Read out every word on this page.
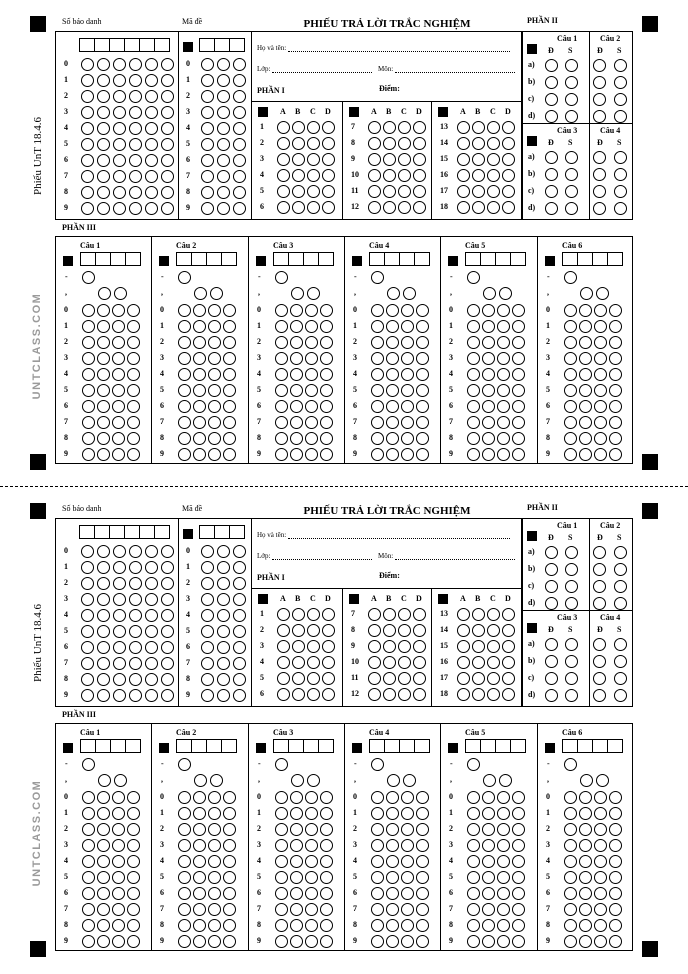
Phiếu UnT 18.4.6
UNTCLASS.COM
Số báo danh	Mã đề	PHIẾU TRẢ LỜI TRẮC NGHIỆM	PHẦN II
0	0
1	1
2	2
3	3
4	4
5	5
6	6
7	7
8	8
9	9
Họ và tên:
Lớp:	Môn:
PHẦN I	Điểm:
A B C D
1
2
3
4
5
6
A B C D
7
8
9
10
11
12
A B C D
13
14
15
16
17
18
Câu 1	Câu 2
Đ S	Đ S
a)
b)
c)
d)
Câu 3	Câu 4
Đ S	Đ S
a)
b)
c)
d)
PHẦN III
Câu 1
-
,
0
1
2
3
4
5
6
7
8
9
Câu 2
-
,
0
1
2
3
4
5
6
7
8
9
Câu 3
-
,
0
1
2
3
4
5
6
7
8
9
Câu 4
-
,
0
1
2
3
4
5
6
7
8
9
Câu 5
-
,
0
1
2
3
4
5
6
7
8
9
Câu 6
-
,
0
1
2
3
4
5
6
7
8
9
Phiếu UnT 18.4.6
UNTCLASS.COM
Số báo danh	Mã đề	PHIẾU TRẢ LỜI TRẮC NGHIỆM	PHẦN II
0	0
1	1
2	2
3	3
4	4
5	5
6	6
7	7
8	8
9	9
Họ và tên:
Lớp:	Môn:
PHẦN I	Điểm:
A B C D
1
2
3
4
5
6
A B C D
7
8
9
10
11
12
A B C D
13
14
15
16
17
18
Câu 1	Câu 2
Đ S	Đ S
a)
b)
c)
d)
Câu 3	Câu 4
Đ S	Đ S
a)
b)
c)
d)
PHẦN III
Câu 1
-
,
0
1
2
3
4
5
6
7
8
9
Câu 2
-
,
0
1
2
3
4
5
6
7
8
9
Câu 3
-
,
0
1
2
3
4
5
6
7
8
9
Câu 4
-
,
0
1
2
3
4
5
6
7
8
9
Câu 5
-
,
0
1
2
3
4
5
6
7
8
9
Câu 6
-
,
0
1
2
3
4
5
6
7
8
9
